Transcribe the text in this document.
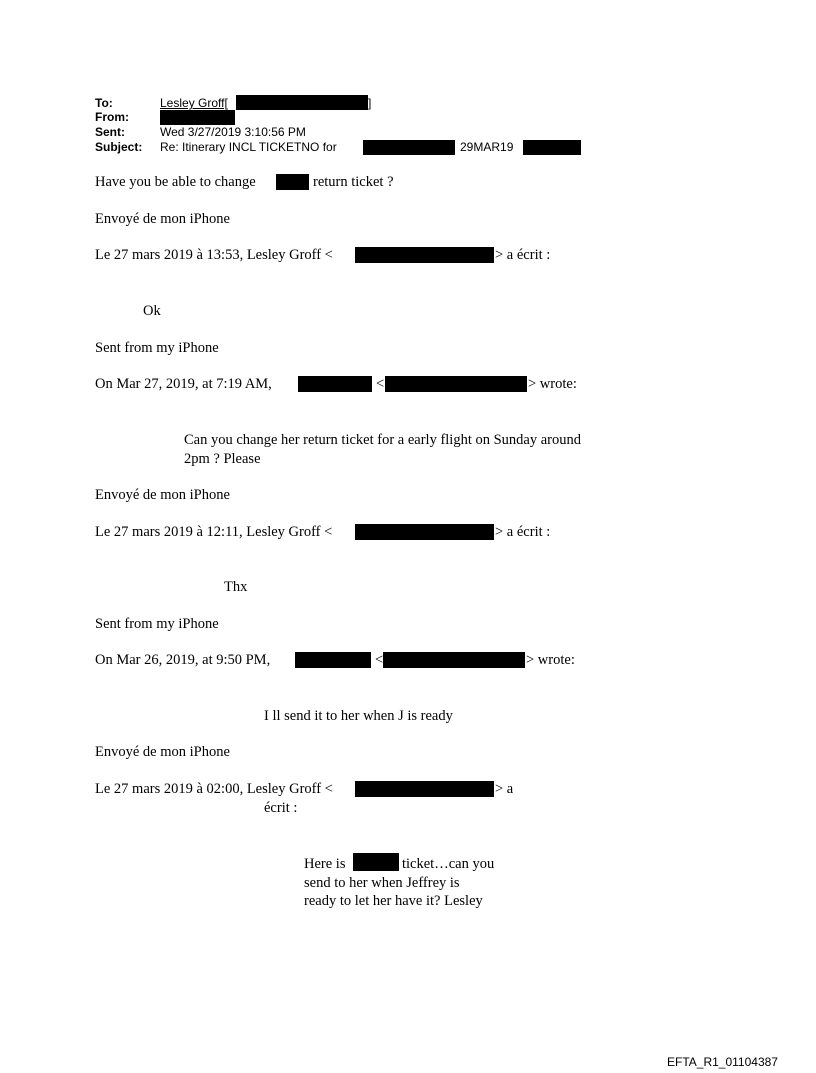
To:	Lesley Groff[	]
From:
Sent:	Wed 3/27/2019 3:10:56 PM
Subject: Re: Itinerary INCL TICKETNO for	29MAR19
Have you be able to change	return ticket ?
Envoyé de mon iPhone
Le 27 mars 2019 à 13:53, Lesley Groff <	> a écrit :
Ok
Sent from my iPhone
On Mar 27, 2019, at 7:19 AM,	<	> wrote:
Can you change her return ticket for a early flight on Sunday around
2pm ? Please
Envoyé de mon iPhone
Le 27 mars 2019 à 12:11, Lesley Groff <	> a écrit :
Thx
Sent from my iPhone
On Mar 26, 2019, at 9:50 PM,	<	> wrote:
I ll send it to her when J is ready
Envoyé de mon iPhone
Le 27 mars 2019 à 02:00, Lesley Groff <	> a
écrit :
Here is	ticket…can you
send to her when Jeffrey is
ready to let her have it? Lesley
EFTA_R1_01104387
